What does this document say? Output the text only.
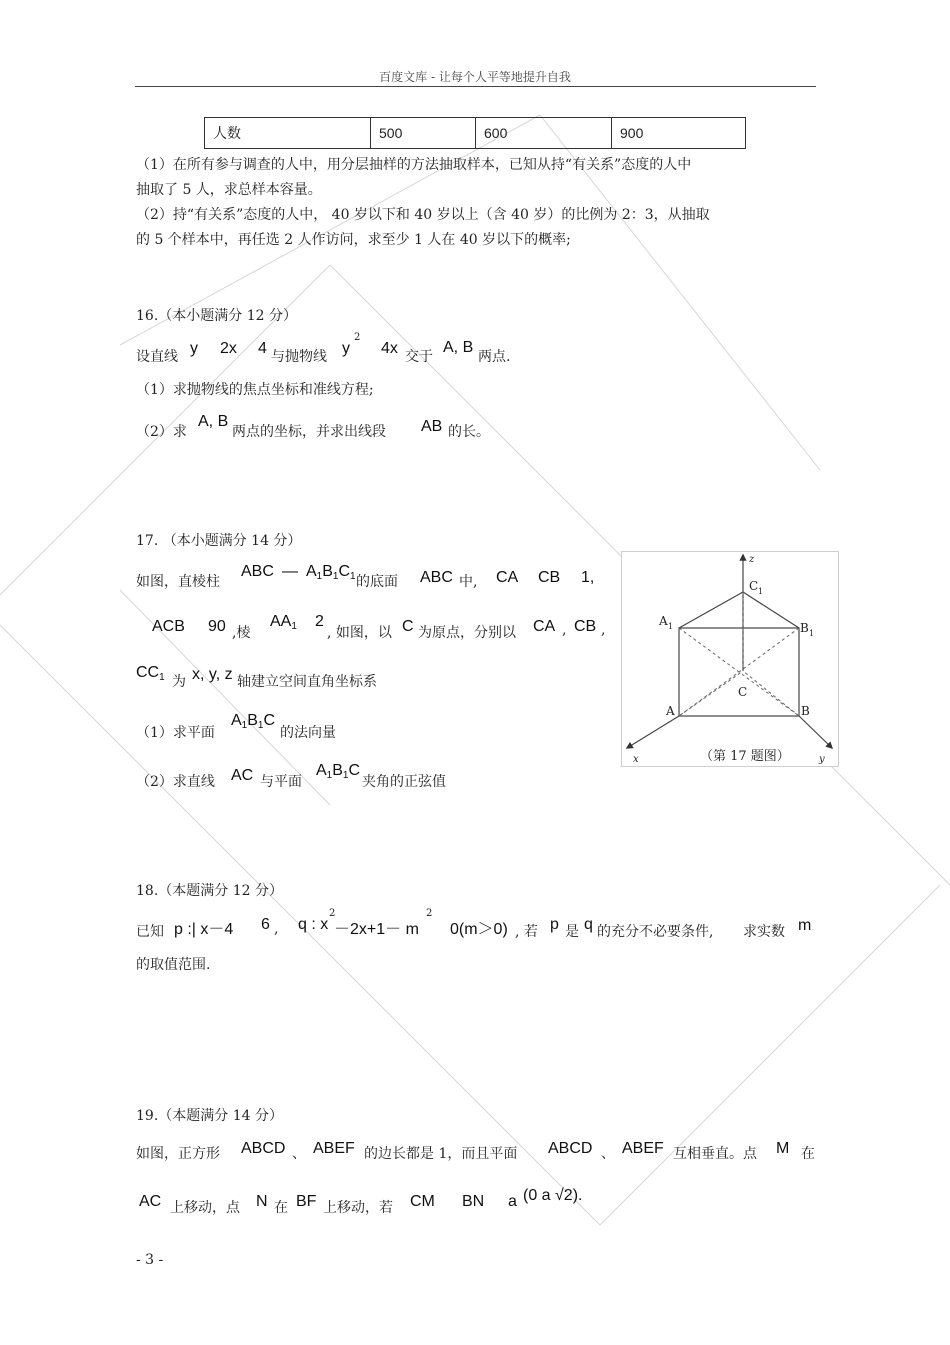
百度文库 - 让每个人平等地提升自我
人数	500	600	900
（1）在所有参与调查的人中，用分层抽样的方法抽取样本，已知从持“有关系”态度的人中
抽取了 5 人，求总样本容量。
（2）持“有关系”态度的人中， 40 岁以下和 40 岁以上（含 40 岁）的比例为 2：3，从抽取
的 5 个样本中，再任选 2 人作访问，求至少 1 人在 40 岁以下的概率;
16.（本小题满分 12 分）
设直线 y 2x 4 与抛物线 y
2
4x 交于
A, B
两点.
（1）求抛物线的焦点坐标和准线方程;
（2）求
A, B
两点的坐标，并求出线段 AB 的长。
17. （本小题满分 14 分）
如图，直棱柱
ABC — $A_1B_1C_1$ 的底面 ABC 中, CA CB 1,
ACB 90 ,棱
$AA_1$ 2
, 如图，以 C 为原点，分别以 CA , CB ,
$CC_1$ 为 x, y, z 轴建立空间直角坐标系
（1）求平面
$A_1B_1C$
的法向量
（2）求直线 AC 与平面
$A_1B_1C$
夹角的正弦值
z
C 1
A 1	B 1
C
A	B
x	y
（第 17 题图）
18.（本题满分 12 分）
已知 p :| x－4 6 , q : x
2
－2x+1－ m
2
0(m＞0) , 若 p 是 q 的充分不必要条件, 求实数 m
的取值范围.
19.（本题满分 14 分）
如图，正方形 ABCD 、 ABEF 的边长都是 1，而且平面 ABCD 、 ABEF 互相垂直。点 M 在
AC 上移动，点 N 在 BF 上移动，若 CM BN a (0 a √2).
- 3 -
